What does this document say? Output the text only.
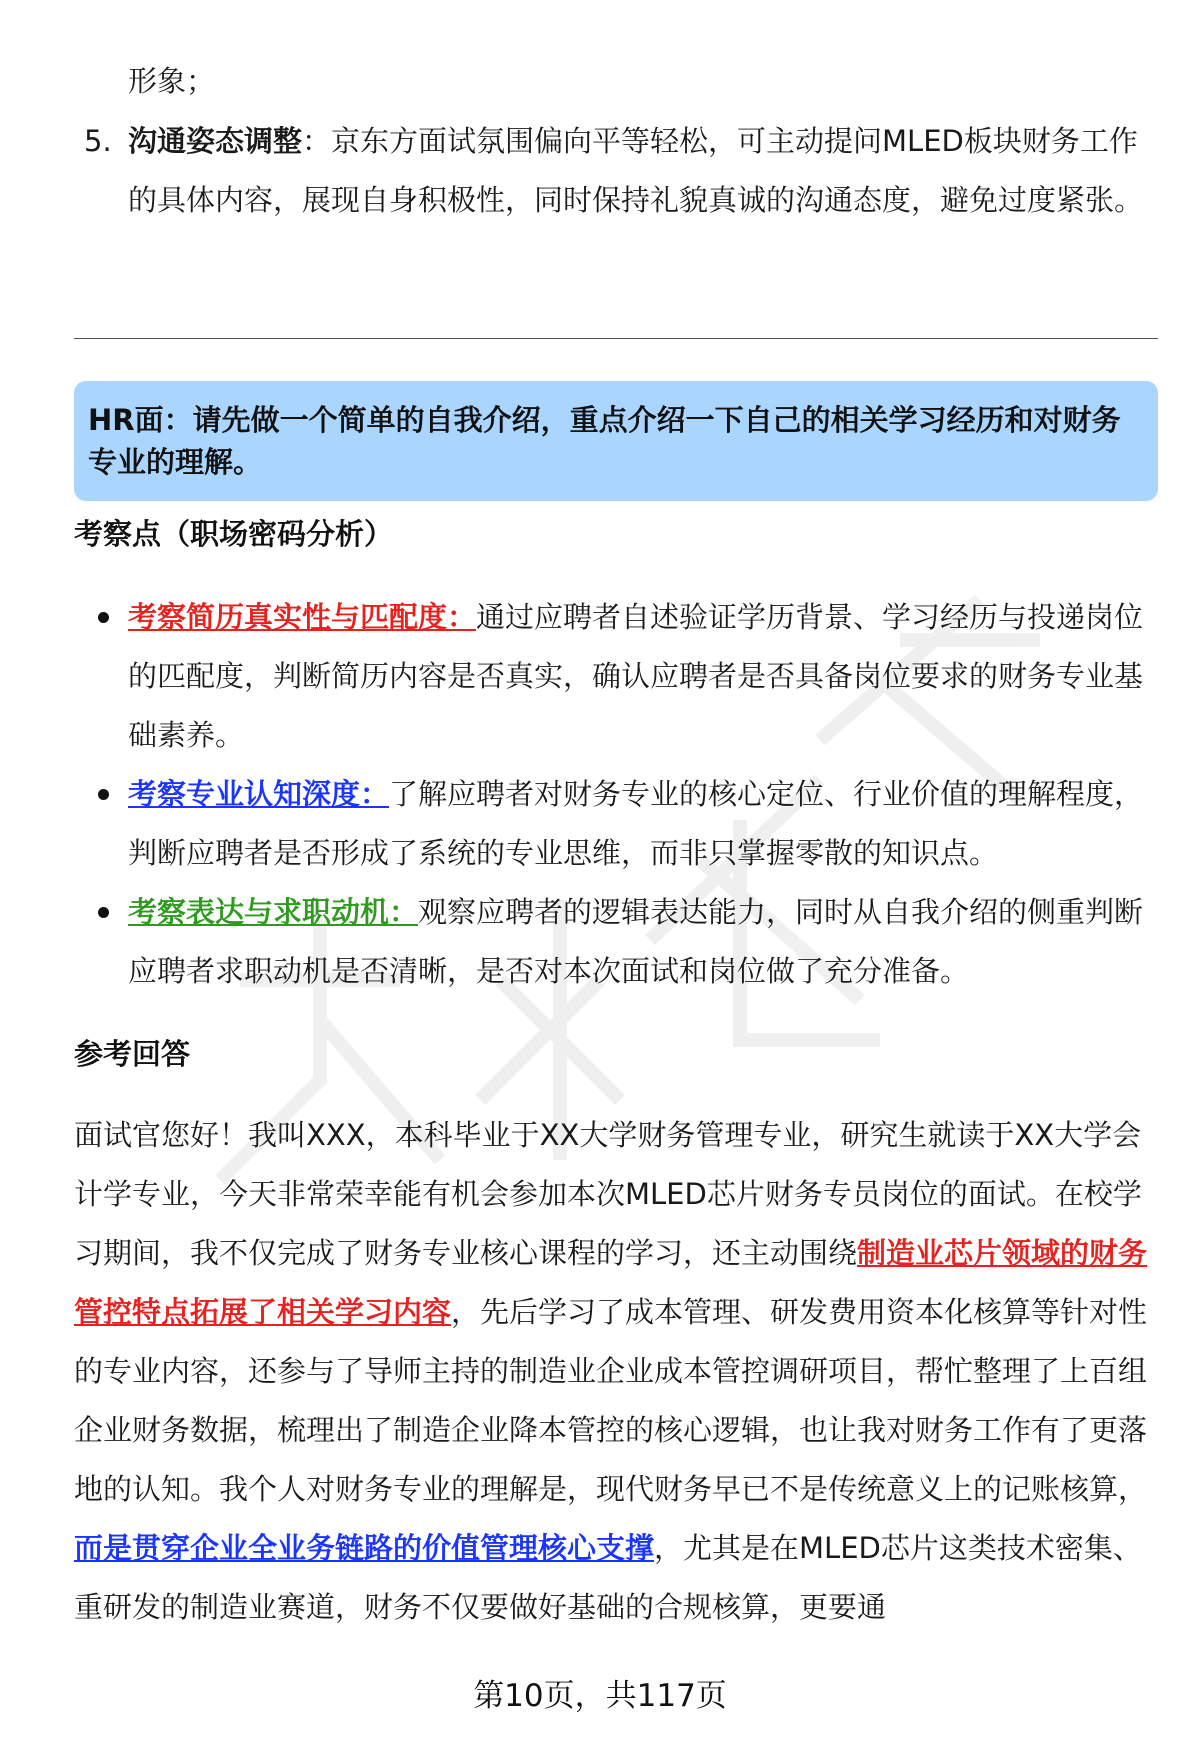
形象；
5. 沟通姿态调整：京东方面试氛围偏向平等轻松，可主动提问MLED板块财务工作的具体内容，展现自身积极性，同时保持礼貌真诚的沟通态度，避免过度紧张。
HR面：请先做一个简单的自我介绍，重点介绍一下自己的相关学习经历和对财务专业的理解。
考察点（职场密码分析）
考察简历真实性与匹配度：通过应聘者自述验证学历背景、学习经历与投递岗位的匹配度，判断简历内容是否真实，确认应聘者是否具备岗位要求的财务专业基础素养。
考察专业认知深度：了解应聘者对财务专业的核心定位、行业价值的理解程度，判断应聘者是否形成了系统的专业思维，而非只掌握零散的知识点。
考察表达与求职动机：观察应聘者的逻辑表达能力，同时从自我介绍的侧重判断应聘者求职动机是否清晰，是否对本次面试和岗位做了充分准备。
参考回答
面试官您好！我叫XXX，本科毕业于XX大学财务管理专业，研究生就读于XX大学会计学专业，今天非常荣幸能有机会参加本次MLED芯片财务专员岗位的面试。在校学习期间，我不仅完成了财务专业核心课程的学习，还主动围绕制造业芯片领域的财务管控特点拓展了相关学习内容，先后学习了成本管理、研发费用资本化核算等针对性的专业内容，还参与了导师主持的制造业企业成本管控调研项目，帮忙整理了上百组企业财务数据，梳理出了制造企业降本管控的核心逻辑，也让我对财务工作有了更落地的认知。我个人对财务专业的理解是，现代财务早已不是传统意义上的记账核算，而是贯穿企业全业务链路的价值管理核心支撑，尤其是在MLED芯片这类技术密集、重研发的制造业赛道，财务不仅要做好基础的合规核算，更要通
第10页，共117页
